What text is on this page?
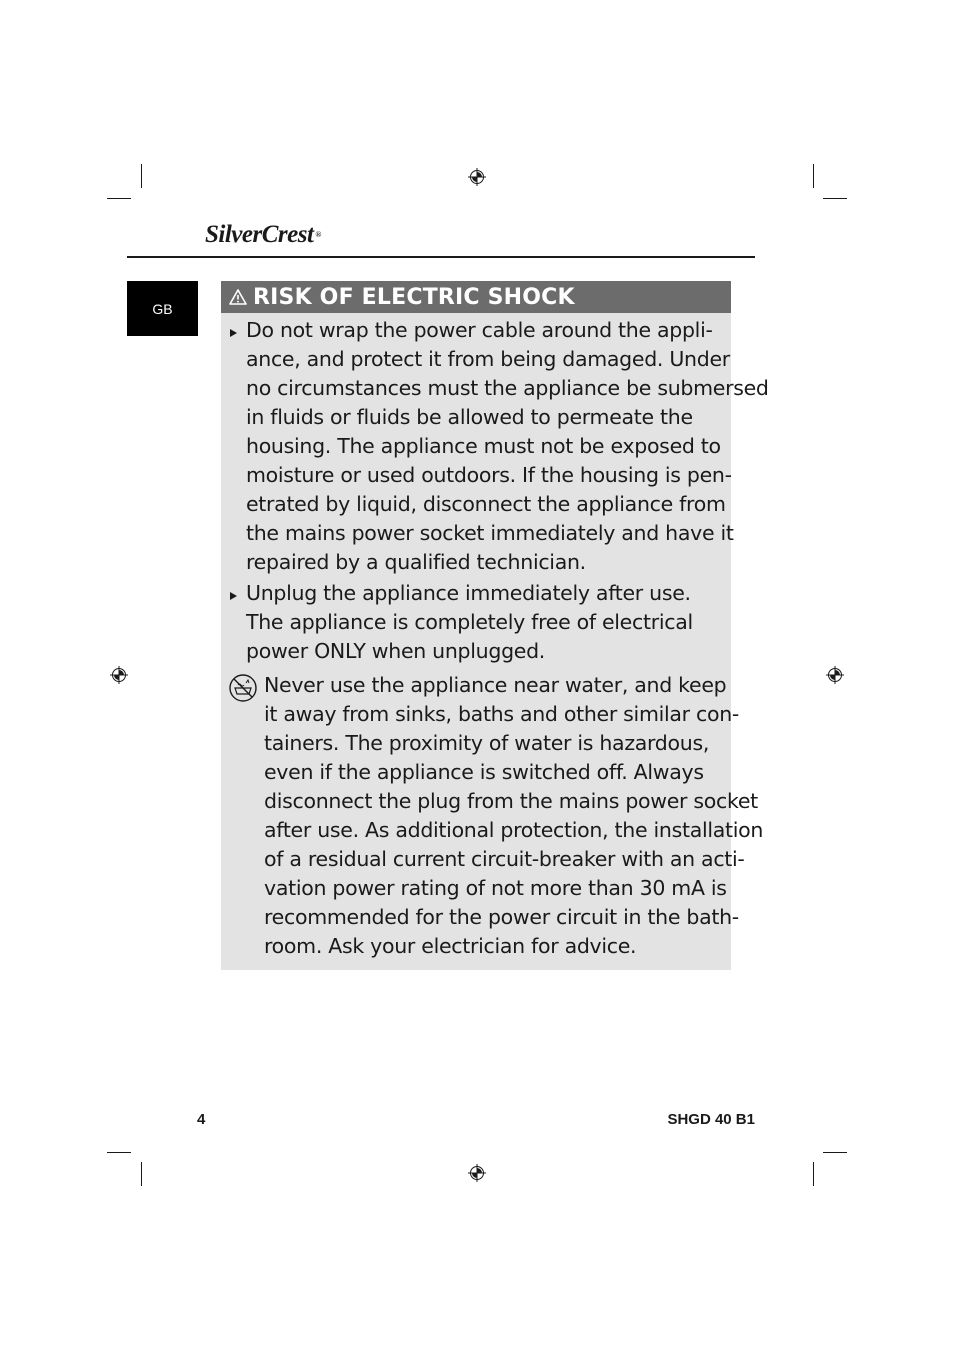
SilverCrest ®
GB	RISK OF ELECTRIC SHOCK

Do not wrap the power cable around the appli-
ance, and protect it from being damaged. Under
no circumstances must the appliance be submersed
in fluids or fluids be allowed to permeate the
housing. The appliance must not be exposed to
moisture or used outdoors. If the housing is pen-
etrated by liquid, disconnect the appliance from
the mains power socket immediately and have it
repaired by a qualified technician.

Unplug the appliance immediately after use.
The appliance is completely free of electrical
power ONLY when unplugged.

Never use the appliance near water, and keep
it away from sinks, baths and other similar con-
tainers. The proximity of water is hazardous,
even if the appliance is switched off. Always
disconnect the plug from the mains power socket
after use. As additional protection, the installation
of a residual current circuit-breaker with an acti-
vation power rating of not more than 30 mA is
recommended for the power circuit in the bath-
room. Ask your electrician for advice.

4	SHGD 40 B1
